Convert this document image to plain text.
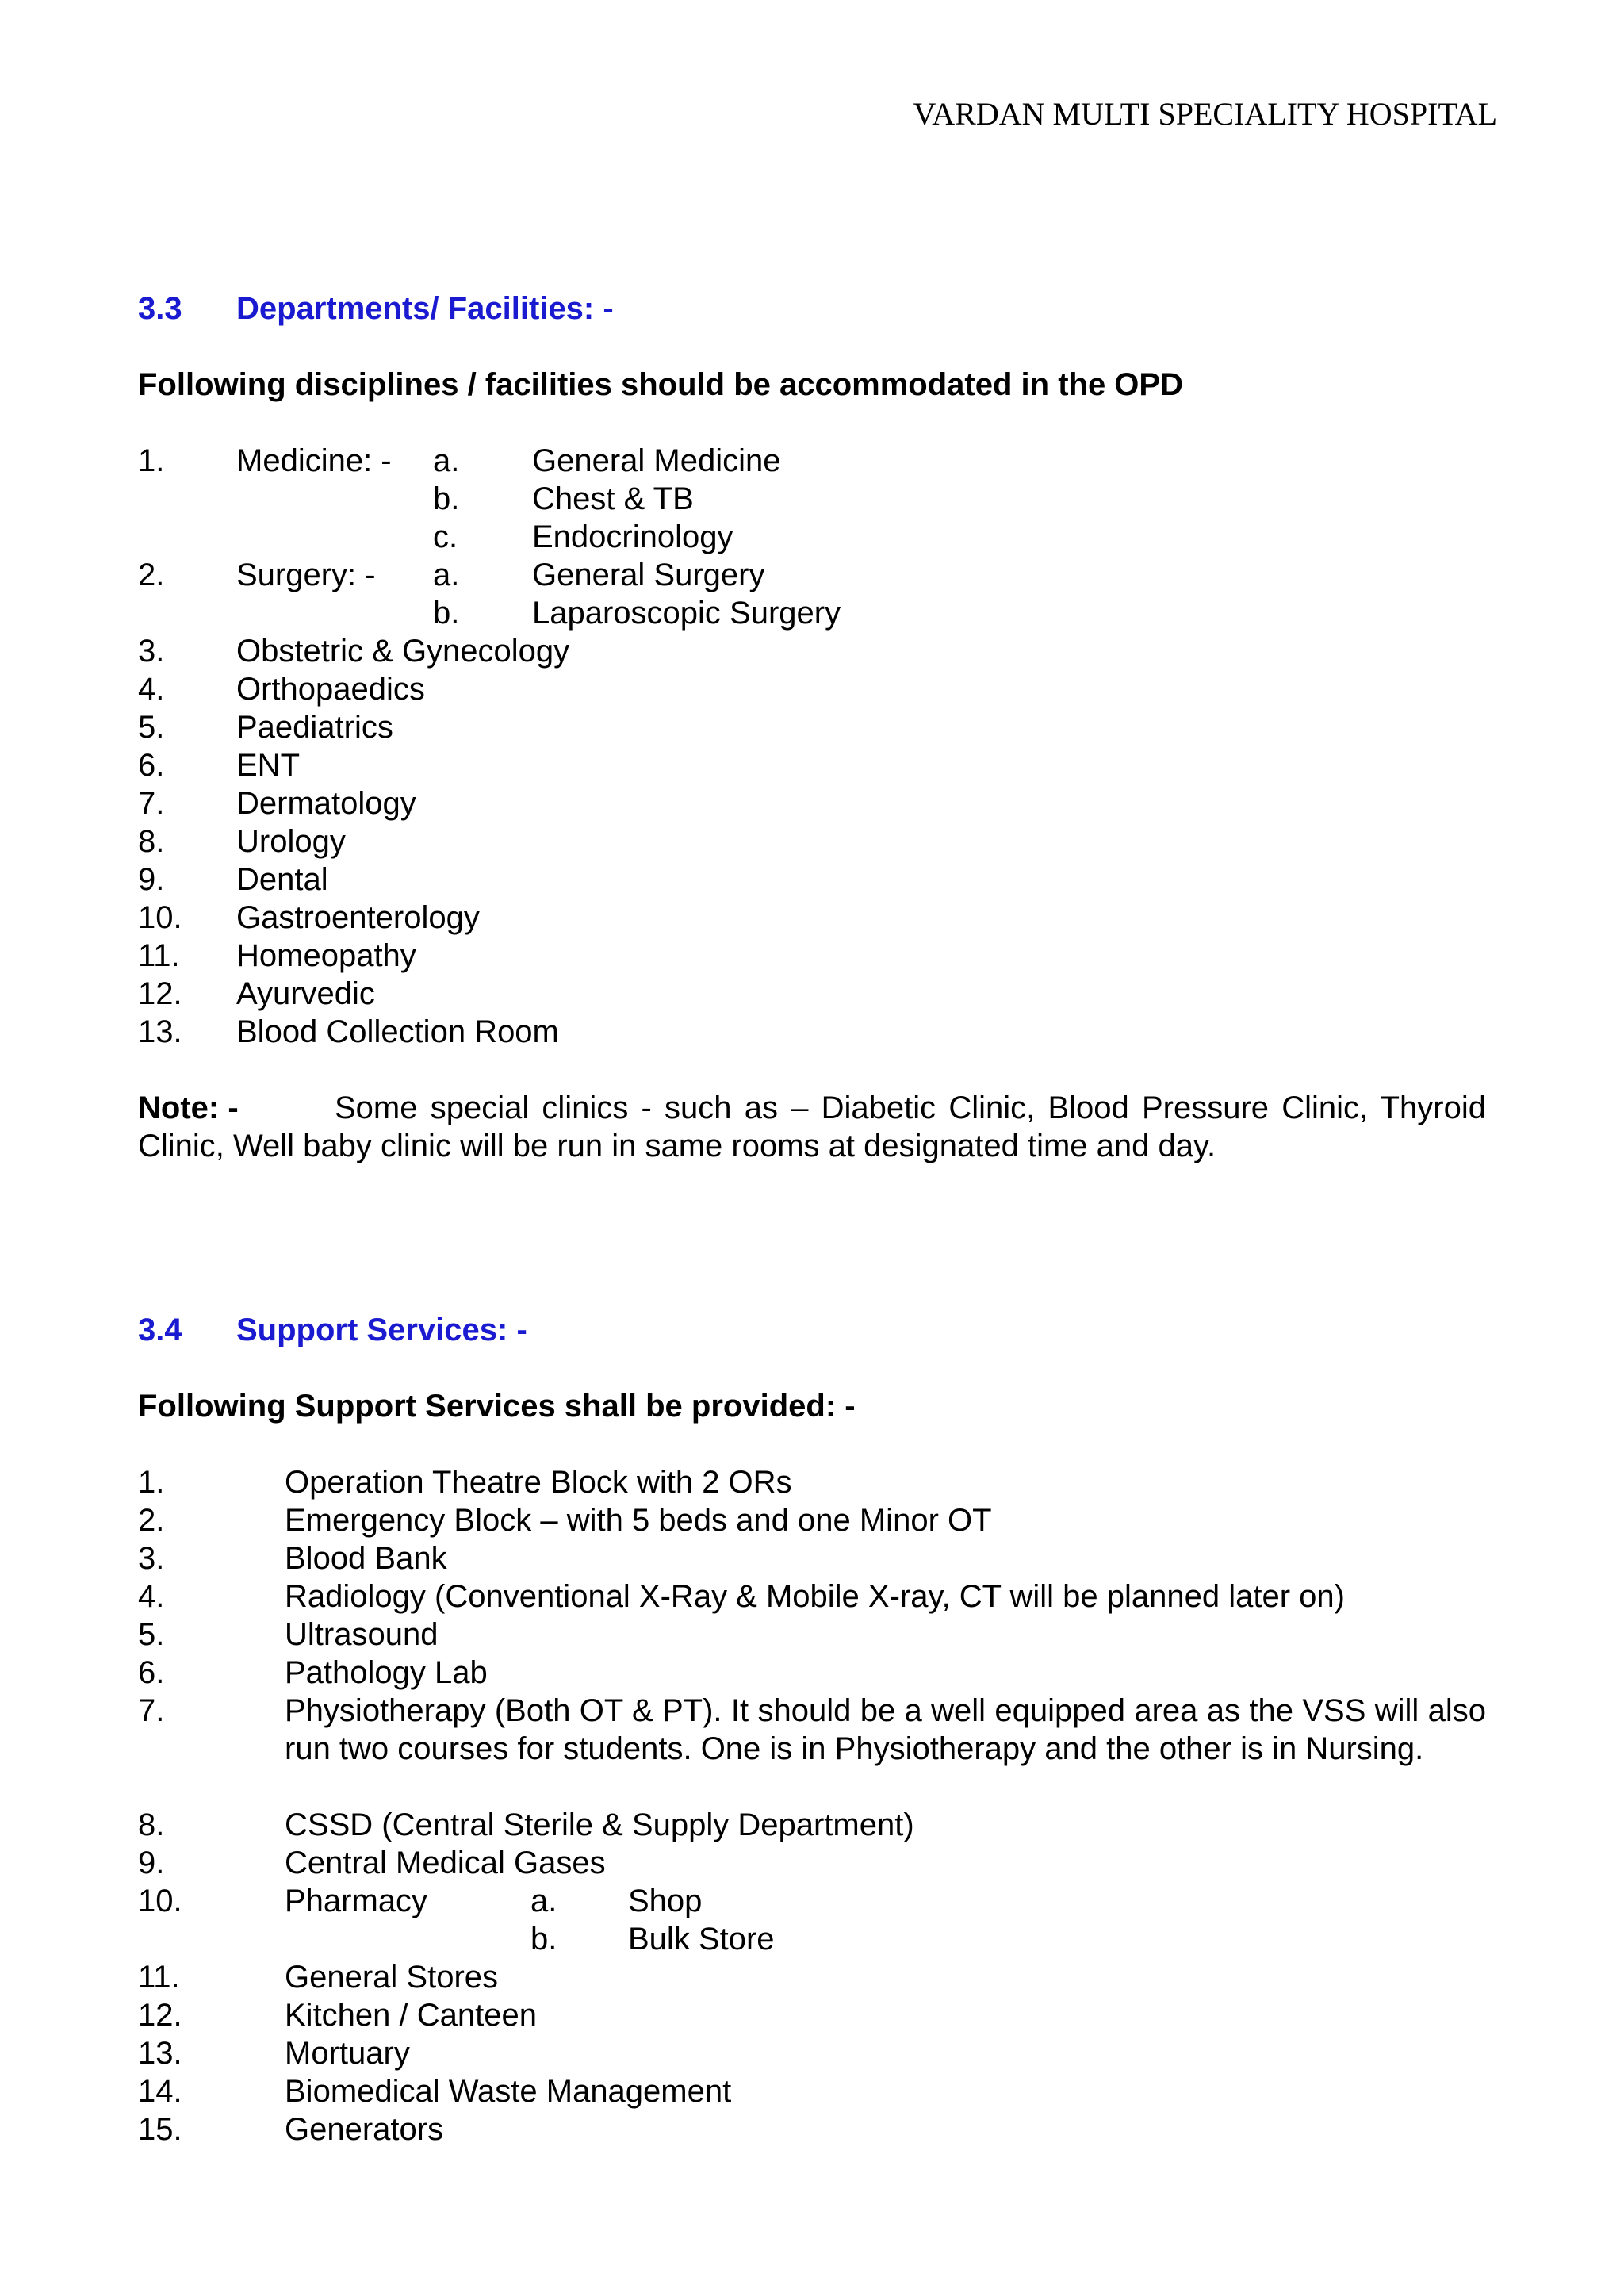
VARDAN MULTI SPECIALITY HOSPITAL
3.3 Departments/ Facilities: -
Following disciplines / facilities should be accommodated in the OPD
1. Medicine: - a. General Medicine
b. Chest & TB
c. Endocrinology
2. Surgery: - a. General Surgery
b. Laparoscopic Surgery
3. Obstetric & Gynecology
4. Orthopaedics
5. Paediatrics
6. ENT
7. Dermatology
8. Urology
9. Dental
10. Gastroenterology
11. Homeopathy
12. Ayurvedic
13. Blood Collection Room
Note: -	Some special clinics - such as – Diabetic Clinic, Blood Pressure Clinic, Thyroid Clinic, Well baby clinic will be run in same rooms at designated time and day.
3.4 Support Services: -
Following Support Services shall be provided: -
1.	Operation Theatre Block with 2 ORs
2.	Emergency Block – with 5 beds and one Minor OT
3.	Blood Bank
4.	Radiology (Conventional X-Ray & Mobile X-ray, CT will be planned later on)
5.	Ultrasound
6.	Pathology Lab
7.	Physiotherapy (Both OT & PT). It should be a well equipped area as the VSS will also run two courses for students. One is in Physiotherapy and the other is in Nursing.
8.	CSSD (Central Sterile & Supply Department)
9.	Central Medical Gases
10.	Pharmacy	a. Shop
b. Bulk Store
11.	General Stores
12.	Kitchen / Canteen
13.	Mortuary
14.	Biomedical Waste Management
15.	Generators
